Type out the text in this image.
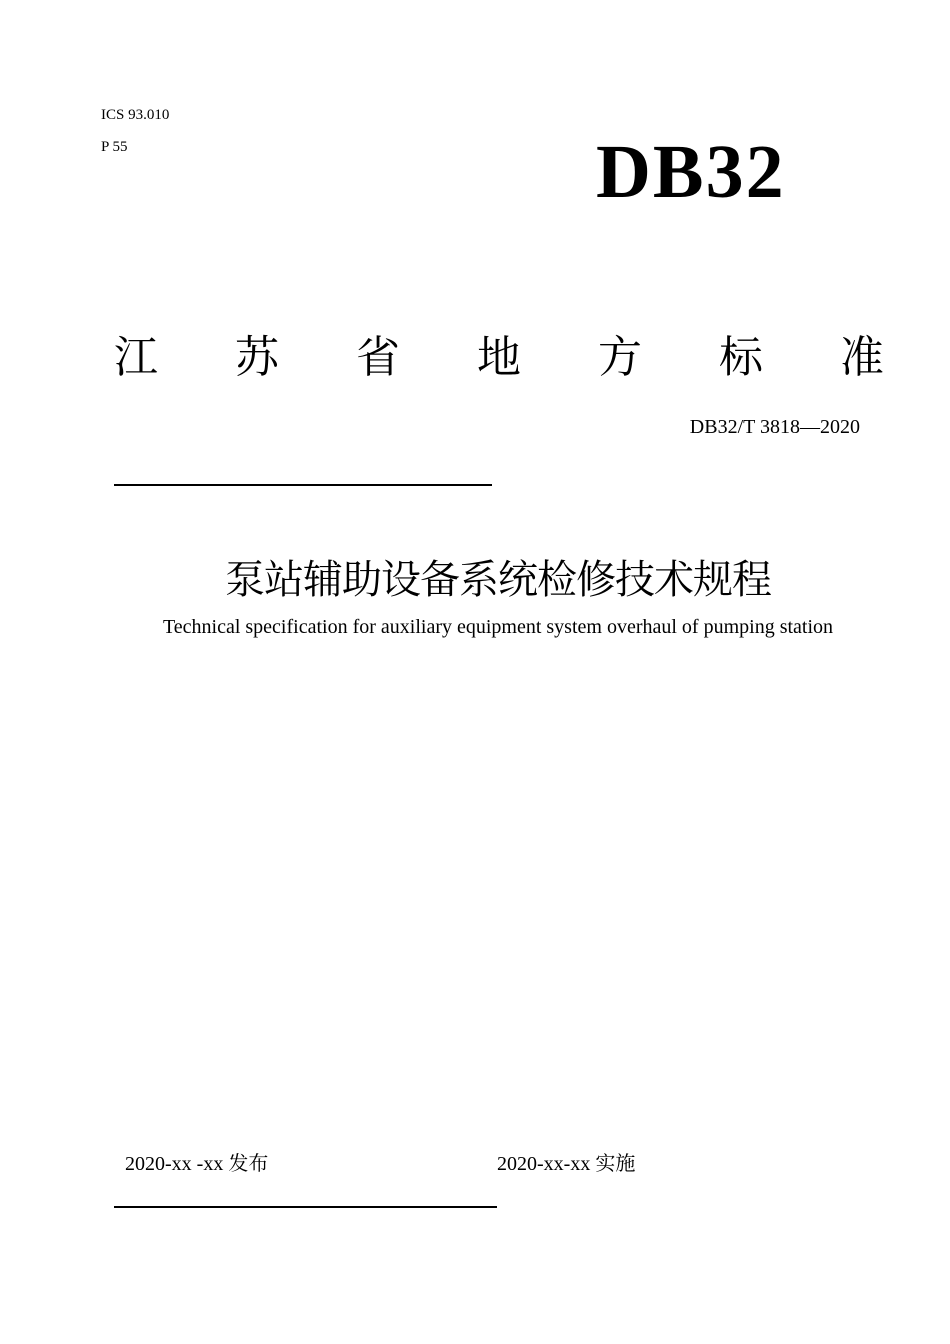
ICS 93.010
P 55	DB32
江 苏 省 地 方 标 准
DB32/T 3818—2020
泵站辅助设备系统检修技术规程
Technical specification for auxiliary equipment system overhaul of pumping station
2020-xx -xx 发布	2020-xx-xx 实施
